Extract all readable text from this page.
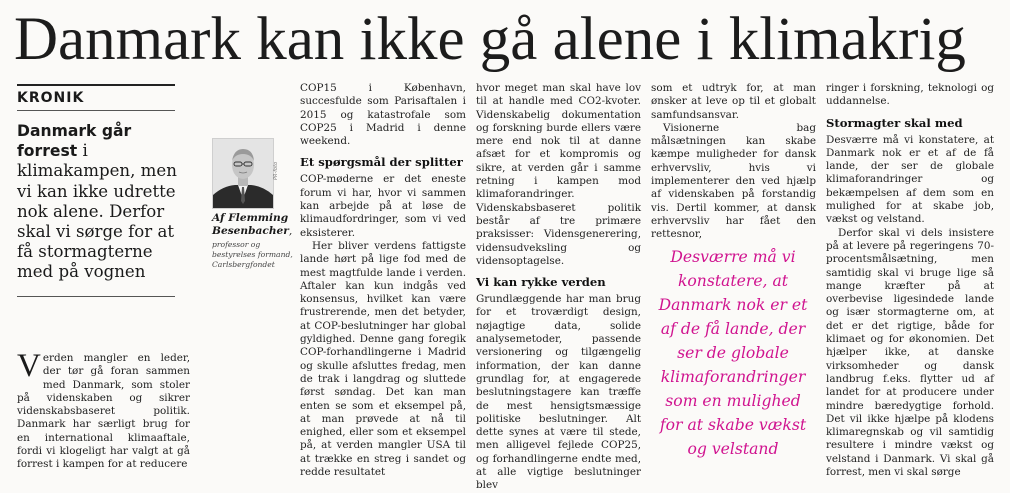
Danmark kan ikke gå alene i klimakrig
KRONIK
Danmark går forrest i klimakampen, men vi kan ikke udrette nok alene. Derfor skal vi sørge for at få stormagterne med på vognen

Verden mangler en leder, der tør gå foran sammen med Danmark, som stoler på videnskaben og sikrer videnskabsbaseret politik. Danmark har særligt brug for en international klimaaftale, fordi vi klogeligt har valgt at gå forrest i kampen for at reducere

PR-foto
Af Flemming Besenbacher,
professor og bestyrelses formand, Carlsbergfondet

COP15 i København, succesfulde som Parisaftalen i 2015 og katastrofale som COP25 i Madrid i denne weekend.

Et spørgsmål der splitter

COP-møderne er det eneste forum vi har, hvor vi sammen kan arbejde på at løse de klimaudfordringer, som vi ved eksisterer.

Her bliver verdens fattigste lande hørt på lige fod med de mest magtfulde lande i verden. Aftaler kan kun indgås ved konsensus, hvilket kan være frustrerende, men det betyder, at COP-beslutninger har global gyldighed. Denne gang foregik COP-forhandlingerne i Madrid og skulle afsluttes fredag, men de trak i langdrag og sluttede først søndag. Det kan man enten se som et eksempel på, at man prøvede at nå til enighed, eller som et eksempel på, at verden mangler USA til at trække en streg i sandet og redde resultatet

hvor meget man skal have lov til at handle med CO2-kvoter. Videnskabelig dokumentation og forskning burde ellers være mere end nok til at danne afsæt for et kompromis og sikre, at verden går i samme retning i kampen mod klimaforandringer. Videnskabsbaseret politik består af tre primære praksisser: Vidensgenerering, vidensudveksling og vidensoptagelse.

Vi kan rykke verden

Grundlæggende har man brug for et troværdigt design, nøjagtige data, solide analysemetoder, passende versionering og tilgængelig information, der kan danne grundlag for, at engagerede beslutningstagere kan træffe de mest hensigtsmæssige politiske beslutninger. Alt dette synes at være til stede, men alligevel fejlede COP25, og forhandlingerne endte med, at alle vigtige beslutninger blev

som et udtryk for, at man ønsker at leve op til et globalt samfundsansvar.

Visionerne bag målsætningen kan skabe kæmpe muligheder for dansk erhvervsliv, hvis vi implementerer den ved hjælp af videnskaben på forstandig vis. Dertil kommer, at dansk erhvervsliv har fået den rettesnor,

Desværre må vi konstatere, at Danmark nok er et af de få lande, der ser de globale klimaforandringer som en mulighed for at skabe vækst og velstand

ringer i forskning, teknologi og uddannelse.

Stormagter skal med

Desværre må vi konstatere, at Danmark nok er et af de få lande, der ser de globale klimaforandringer og bekæmpelsen af dem som en mulighed for at skabe job, vækst og velstand.

Derfor skal vi dels insistere på at levere på regeringens 70-procentsmålsætning, men samtidig skal vi bruge lige så mange kræfter på at overbevise ligesindede lande og især stormagterne om, at det er det rigtige, både for klimaet og for økonomien. Det hjælper ikke, at danske virksomheder og dansk landbrug f.eks. flytter ud af landet for at producere under mindre bæredygtige forhold. Det vil ikke hjælpe på klodens klimaregnskab og vil samtidig resultere i mindre vækst og velstand i Danmark. Vi skal gå forrest, men vi skal sørge
